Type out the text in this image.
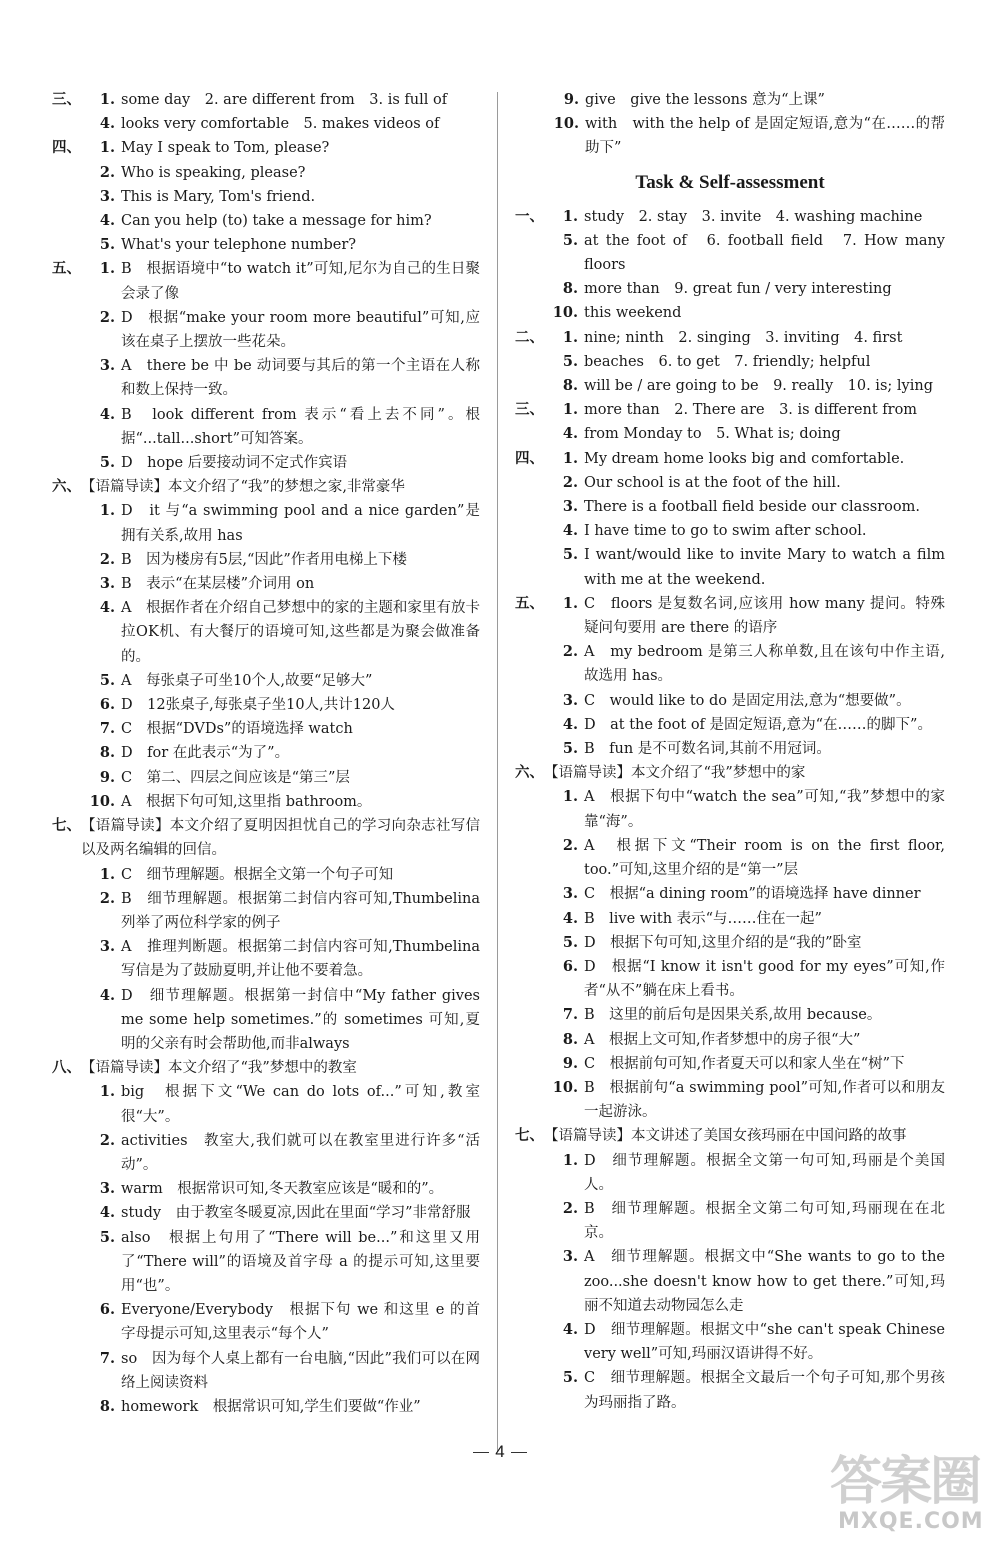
三、	1. some day　2. are different from　3. is full of
4. looks very comfortable　5. makes videos of
四、	1. May I speak to Tom, please?
2. Who is speaking, please?
3. This is Mary, Tom's friend.
4. Can you help (to) take a message for him?
5. What's your telephone number?
五、	1. B　根据语境中“to watch it”可知,尼尔为自己的生日聚会录了像
2. D　根据“make your room more beautiful”可知,应该在桌子上摆放一些花朵。
3. A　there be 中 be 动词要与其后的第一个主语在人称和数上保持一致。
4. B　look different from 表示“看上去不同”。根据“...tall...short”可知答案。
5. D　hope 后要接动词不定式作宾语
六、 【语篇导读】本文介绍了“我”的梦想之家,非常豪华
1. D　it 与“a swimming pool and a nice garden”是拥有关系,故用 has
2. B　因为楼房有5层,“因此”作者用电梯上下楼
3. B　表示“在某层楼”介词用 on
4. A　根据作者在介绍自己梦想中的家的主题和家里有放卡拉OK机、有大餐厅的语境可知,这些都是为聚会做准备的。
5. A　每张桌子可坐10个人,故要“足够大”
6. D　12张桌子,每张桌子坐10人,共计120人
7. C　根据“DVDs”的语境选择 watch
8. D　for 在此表示“为了”。
9. C　第二、四层之间应该是“第三”层
10. A　根据下句可知,这里指 bathroom。
七、 【语篇导读】本文介绍了夏明因担忧自己的学习向杂志社写信以及两名编辑的回信。
1. C　细节理解题。根据全文第一个句子可知
2. B　细节理解题。根据第二封信内容可知,Thumbelina 列举了两位科学家的例子
3. A　推理判断题。根据第二封信内容可知,Thumbelina 写信是为了鼓励夏明,并让他不要着急。
4. D　细节理解题。根据第一封信中“My father gives me some help sometimes.”的 sometimes 可知,夏明的父亲有时会帮助他,而非always
八、 【语篇导读】本文介绍了“我”梦想中的教室
1. big　根据下文“We can do lots of...”可知,教室很“大”。
2. activities　教室大,我们就可以在教室里进行许多“活动”。
3. warm　根据常识可知,冬天教室应该是“暖和的”。
4. study　由于教室冬暖夏凉,因此在里面“学习”非常舒服
5. also　根据上句用了“There will be...”和这里又用了“There will”的语境及首字母 a 的提示可知,这里要用“也”。
6. Everyone/Everybody　根据下句 we 和这里 e 的首字母提示可知,这里表示“每个人”
7. so　因为每个人桌上都有一台电脑,“因此”我们可以在网络上阅读资料
8. homework　根据常识可知,学生们要做“作业”
9. give　give the lessons 意为“上课”
10. with　with the help of 是固定短语,意为“在……的帮助下”
Task & Self-assessment
一、	1. study　2. stay　3. invite　4. washing machine
5. at the foot of　6. football field　7. How many floors
8. more than　9. great fun / very interesting
10. this weekend
二、	1. nine; ninth　2. singing　3. inviting　4. first
5. beaches　6. to get　7. friendly; helpful
8. will be / are going to be　9. really　10. is; lying
三、	1. more than　2. There are　3. is different from
4. from Monday to　5. What is; doing
四、	1. My dream home looks big and comfortable.
2. Our school is at the foot of the hill.
3. There is a football field beside our classroom.
4. I have time to go to swim after school.
5. I want/would like to invite Mary to watch a film with me at the weekend.
五、	1. C　floors 是复数名词,应该用 how many 提问。特殊疑问句要用 are there 的语序
2. A　my bedroom 是第三人称单数,且在该句中作主语,故选用 has。
3. C　would like to do 是固定用法,意为“想要做”。
4. D　at the foot of 是固定短语,意为“在……的脚下”。
5. B　fun 是不可数名词,其前不用冠词。
六、 【语篇导读】本文介绍了“我”梦想中的家
1. A　根据下句中“watch the sea”可知,“我”梦想中的家靠“海”。
2. A　根据下文“Their room is on the first floor, too.”可知,这里介绍的是“第一”层
3. C　根据“a dining room”的语境选择 have dinner
4. B　live with 表示“与……住在一起”
5. D　根据下句可知,这里介绍的是“我的”卧室
6. D　根据“I know it isn't good for my eyes”可知,作者“从不”躺在床上看书。
7. B　这里的前后句是因果关系,故用 because。
8. A　根据上文可知,作者梦想中的房子很“大”
9. C　根据前句可知,作者夏天可以和家人坐在“树”下
10. B　根据前句“a swimming pool”可知,作者可以和朋友一起游泳。
七、 【语篇导读】本文讲述了美国女孩玛丽在中国问路的故事
1. D　细节理解题。根据全文第一句可知,玛丽是个美国人。
2. B　细节理解题。根据全文第二句可知,玛丽现在在北京。
3. A　细节理解题。根据文中“She wants to go to the zoo...she doesn't know how to get there.”可知,玛丽不知道去动物园怎么走
4. D　细节理解题。根据文中“she can't speak Chinese very well”可知,玛丽汉语讲得不好。
5. C　细节理解题。根据全文最后一个句子可知,那个男孩为玛丽指了路。
4
答案圈
MXQE.COM
